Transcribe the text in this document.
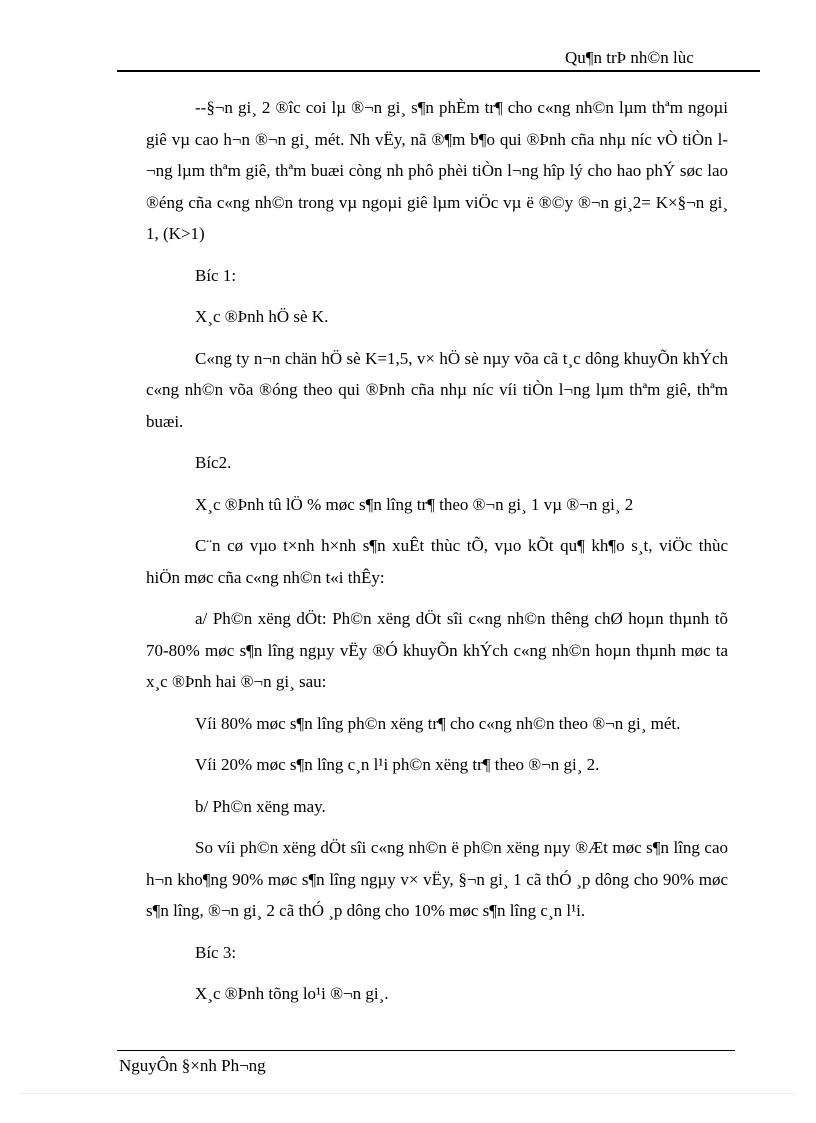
Qu¶n trÞ nh©n lùc

--§¬n gi¸ 2 ®îc coi lµ ®¬n gi¸ s¶n phÈm tr¶ cho c«ng nh©n lµm thªm ngoµi giê vµ cao h¬n ®¬n gi¸ mét. Nh vËy, nã ®¶m b¶o qui ®Þnh cña nhµ níc vÒ tiÒn l¬ng lµm thªm giê, thªm buæi còng nh phô phèi tiÒn l¬ng hîp lý cho hao phÝ søc lao ®éng cña c«ng nh©n trong vµ ngoµi giê lµm viÖc vµ ë ®©y ®¬n gi¸2= K×§¬n gi¸ 1, (K>1)

Bíc 1:

X¸c ®Þnh hÖ sè K.

C«ng ty n¬n chän hÖ sè K=1,5, v× hÖ sè nµy võa cã t¸c dông khuyÕn khÝch c«ng nh©n võa ®óng theo qui ®Þnh cña nhµ níc víi tiÒn l¬ng lµm thªm giê, thªm buæi.

Bíc2.

X¸c ®Þnh tû lÖ % møc s¶n lîng tr¶ theo ®¬n gi¸ 1 vµ ®¬n gi¸ 2

C¨n cø vµo t×nh h×nh s¶n xuÊt thùc tÕ, vµo kÕt qu¶ kh¶o s¸t, viÖc thùc hiÖn møc cña c«ng nh©n t«i thÊy:

a/ Ph©n xëng dÖt: Ph©n xëng dÖt sîi c«ng nh©n thêng chØ hoµn thµnh tõ 70-80% møc s¶n lîng ngµy vËy ®Ó khuyÕn khÝch c«ng nh©n hoµn thµnh møc ta x¸c ®Þnh hai ®¬n gi¸ sau:

Víi 80% møc s¶n lîng ph©n xëng tr¶ cho c«ng nh©n theo ®¬n gi¸ mét.

Víi 20% møc s¶n lîng c¸n l¹i ph©n xëng tr¶ theo ®¬n gi¸ 2.

b/ Ph©n xëng may.

So víi ph©n xëng dÖt sîi c«ng nh©n ë ph©n xëng nµy ®Æt møc s¶n lîng cao h¬n kho¶ng 90% møc s¶n lîng ngµy v× vËy, §¬n gi¸ 1 cã thÓ ¸p dông cho 90% møc s¶n lîng, ®¬n gi¸ 2 cã thÓ ¸p dông cho 10% møc s¶n lîng c¸n l¹i.

Bíc 3:

X¸c ®Þnh tõng lo¹i ®¬n gi¸.

NguyÔn §×nh Ph¬ng
